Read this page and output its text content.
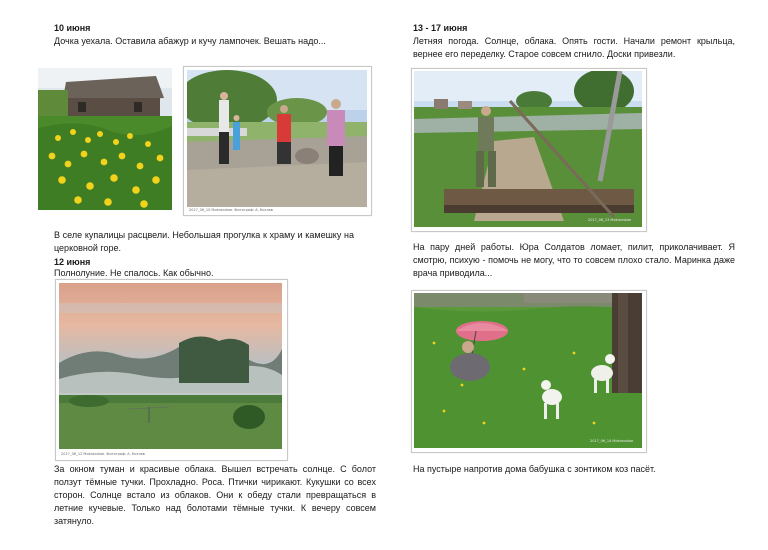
10 июня
Дочка уехала. Оставила абажур и кучу лампочек. Вешать надо...
2017_06_10 Mokrovskoe. Фотограф: А. Козлов
В селе купалицы расцвели. Небольшая прогулка к храму и камешку на церковной горе.
12 июня
Полнолуние. Не спалось. Как обычно.
2017_06_12 Mokrovskoe. Фотограф: А. Козлов
За окном туман и красивые облака. Вышел встречать солнце. С болот ползут тёмные тучки. Прохладно. Роса. Птички чирикают. Кукушки со всех сторон. Солнце встало из облаков. Они к обеду стали превращаться в летние кучевые. Только над болотами тёмные тучки. К вечеру совсем затянуло.
13 - 17 июня
Летняя погода. Солнце, облака. Опять гости. Начали ремонт крыльца, вернее его переделку. Старое совсем сгнило. Доски привезли.
2017_06_13 Mokrovskoe
На пару дней работы. Юра Солдатов ломает, пилит, приколачивает. Я смотрю, психую - помочь не могу, что то совсем плохо стало. Маринка даже врача приводила...
2017_06_14 Mokrovskoe
На пустыре напротив дома бабушка с зонтиком коз пасёт.
